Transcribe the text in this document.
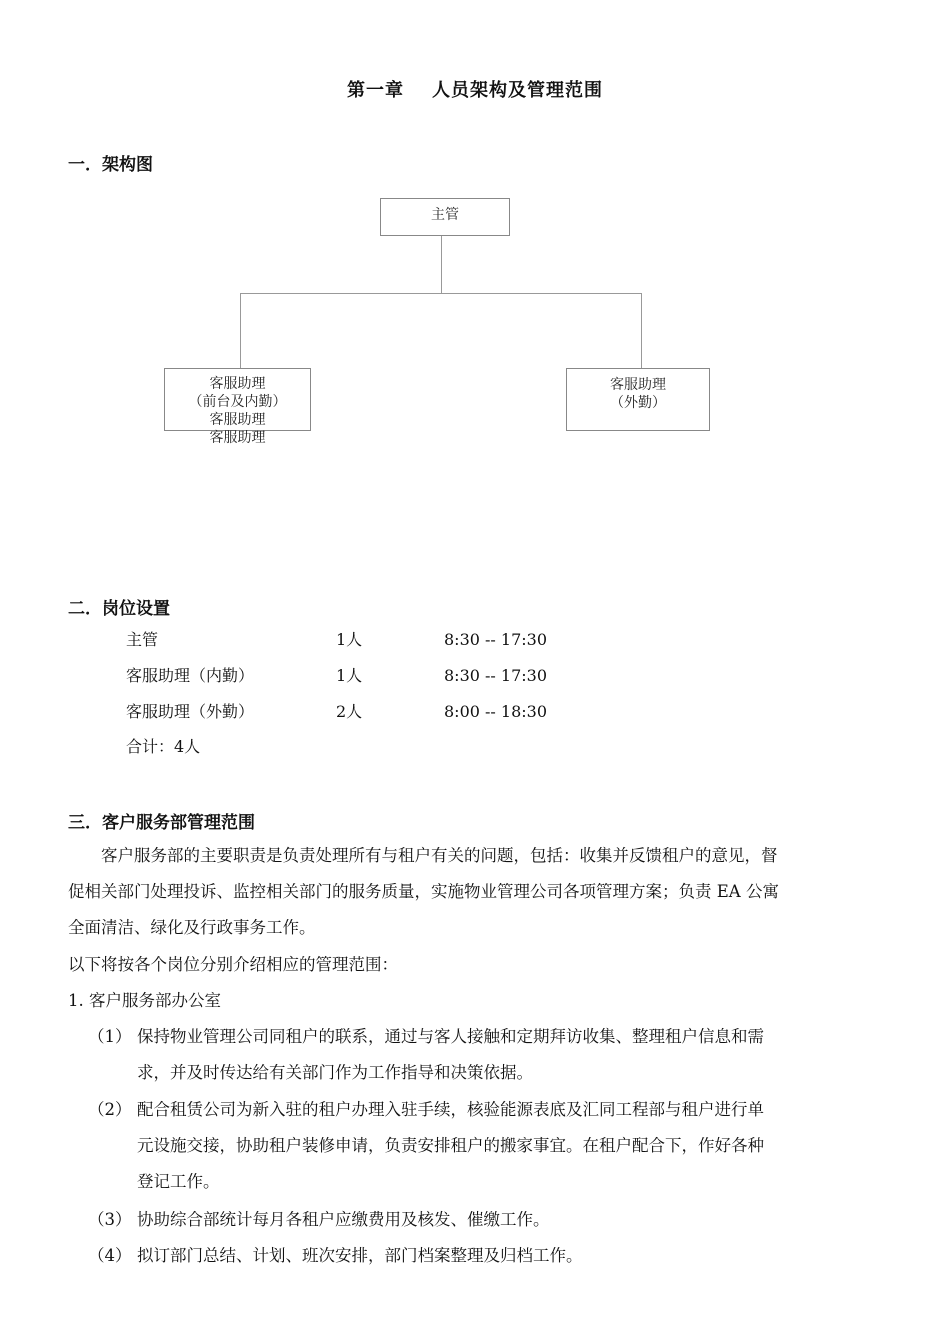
第一章 人员架构及管理范围
一．架构图
主管
客服助理
（前台及内勤）
客服助理
客服助理
客服助理
（外勤）
二．岗位设置
主管	1人	8:30 -- 17:30
客服助理（内勤）	1人	8:30 -- 17:30
客服助理（外勤）	2人	8:00 -- 18:30
合计：4人
三．客户服务部管理范围
　　客户服务部的主要职责是负责处理所有与租户有关的问题，包括：收集并反馈租户的意见，督
促相关部门处理投诉、监控相关部门的服务质量，实施物业管理公司各项管理方案；负责 EA 公寓
全面清洁、绿化及行政事务工作。
以下将按各个岗位分别介绍相应的管理范围：
1. 客户服务部办公室
（1） 保持物业管理公司同租户的联系，通过与客人接触和定期拜访收集、整理租户信息和需
求，并及时传达给有关部门作为工作指导和决策依据。
（2） 配合租赁公司为新入驻的租户办理入驻手续，核验能源表底及汇同工程部与租户进行单
元设施交接，协助租户装修申请，负责安排租户的搬家事宜。在租户配合下，作好各种
登记工作。
（3） 协助综合部统计每月各租户应缴费用及核发、催缴工作。
（4） 拟订部门总结、计划、班次安排，部门档案整理及归档工作。
